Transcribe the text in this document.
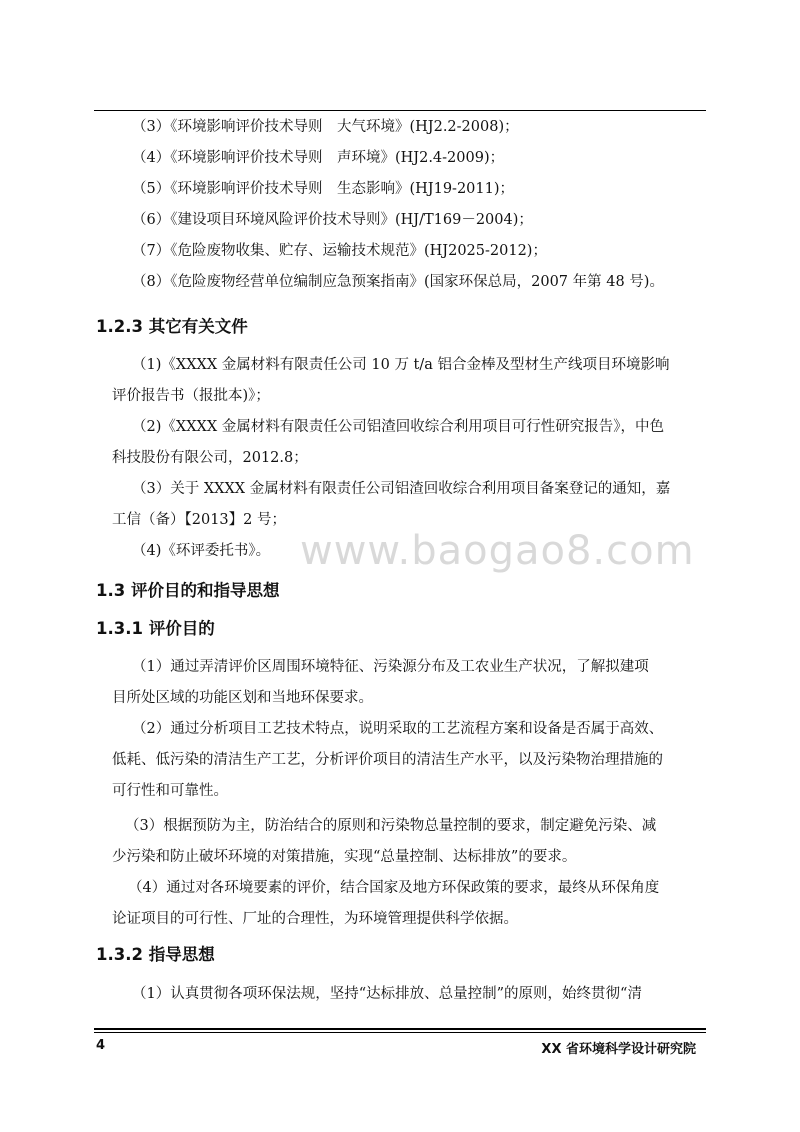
（3）《环境影响评价技术导则　大气环境》(HJ2.2-2008)；
（4）《环境影响评价技术导则　声环境》(HJ2.4-2009)；
（5）《环境影响评价技术导则　生态影响》(HJ19-2011)；
（6）《建设项目环境风险评价技术导则》(HJ/T169－2004)；
（7）《危险废物收集、贮存、运输技术规范》(HJ2025-2012)；
（8）《危险废物经营单位编制应急预案指南》(国家环保总局，2007 年第 48 号)。
1.2.3 其它有关文件
（1)《XXXX 金属材料有限责任公司 10 万 t/a 铝合金棒及型材生产线项目环境影响
评价报告书（报批本)》；
（2)《XXXX 金属材料有限责任公司铝渣回收综合利用项目可行性研究报告》，中色
科技股份有限公司，2012.8；
（3）关于 XXXX 金属材料有限责任公司铝渣回收综合利用项目备案登记的通知，嘉
工信（备）【2013】2 号；
（4)《环评委托书》。
1.3 评价目的和指导思想
1.3.1 评价目的
（1）通过弄清评价区周围环境特征、污染源分布及工农业生产状况，了解拟建项
目所处区域的功能区划和当地环保要求。
（2）通过分析项目工艺技术特点，说明采取的工艺流程方案和设备是否属于高效、
低耗、低污染的清洁生产工艺，分析评价项目的清洁生产水平，以及污染物治理措施的
可行性和可靠性。
（3）根据预防为主，防治结合的原则和污染物总量控制的要求，制定避免污染、减
少污染和防止破坏环境的对策措施，实现“总量控制、达标排放”的要求。
（4）通过对各环境要素的评价，结合国家及地方环保政策的要求，最终从环保角度
论证项目的可行性、厂址的合理性，为环境管理提供科学依据。
1.3.2 指导思想
（1）认真贯彻各项环保法规，坚持“达标排放、总量控制”的原则，始终贯彻“清
www.baogao8.com
4	XX 省环境科学设计研究院
